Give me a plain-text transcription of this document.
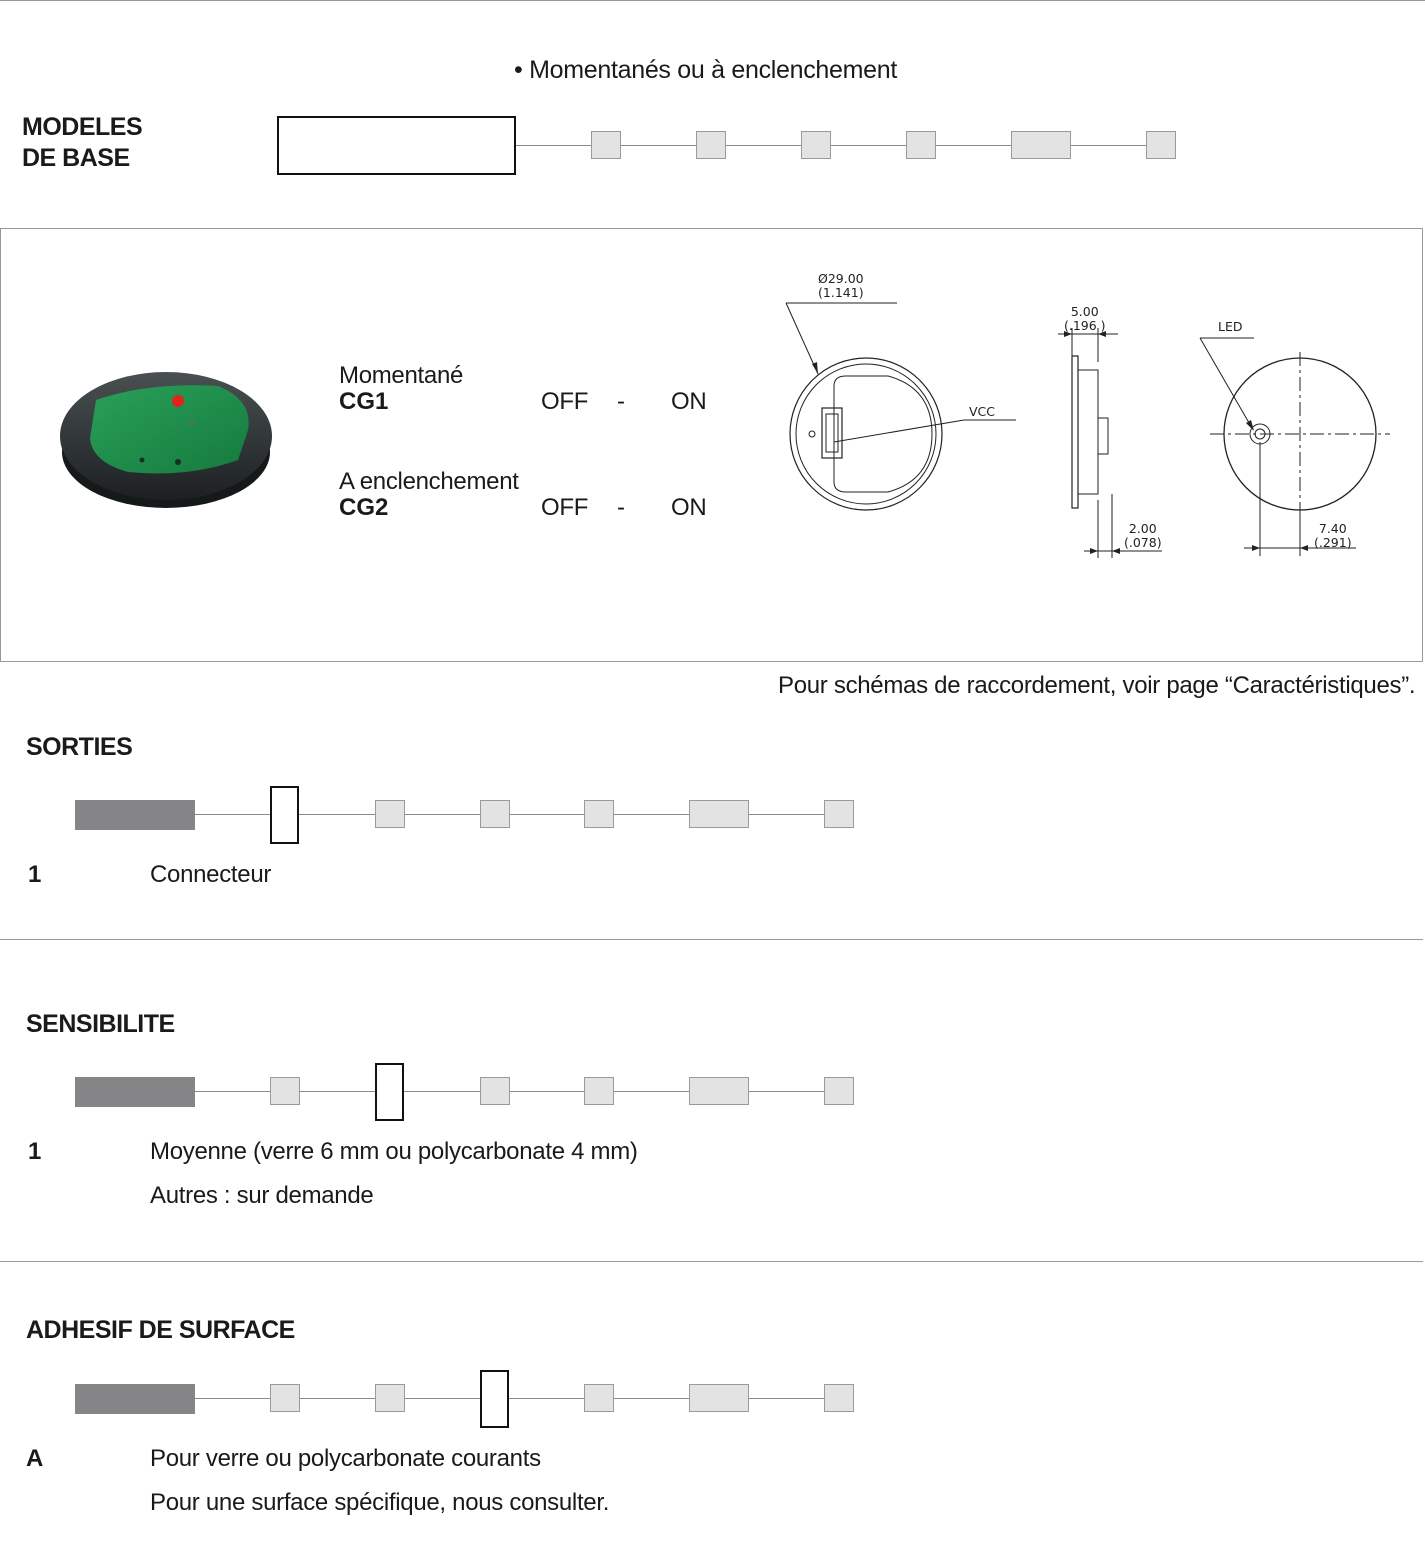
• Momentanés ou à enclenchement
MODELES
DE BASE
Momentané
CG1	OFF - ON
A enclenchement
CG2	OFF - ON
Ø29.00
(1.141)
VCC
5.00
(.196 )
2.00
(.078)
LED
7.40
(.291)
Pour schémas de raccordement, voir page “Caractéristiques”.
SORTIES
1	Connecteur
SENSIBILITE
1	Moyenne (verre 6 mm ou polycarbonate 4 mm)
Autres : sur demande
ADHESIF DE SURFACE
A	Pour verre ou polycarbonate courants
Pour une surface spécifique, nous consulter.
